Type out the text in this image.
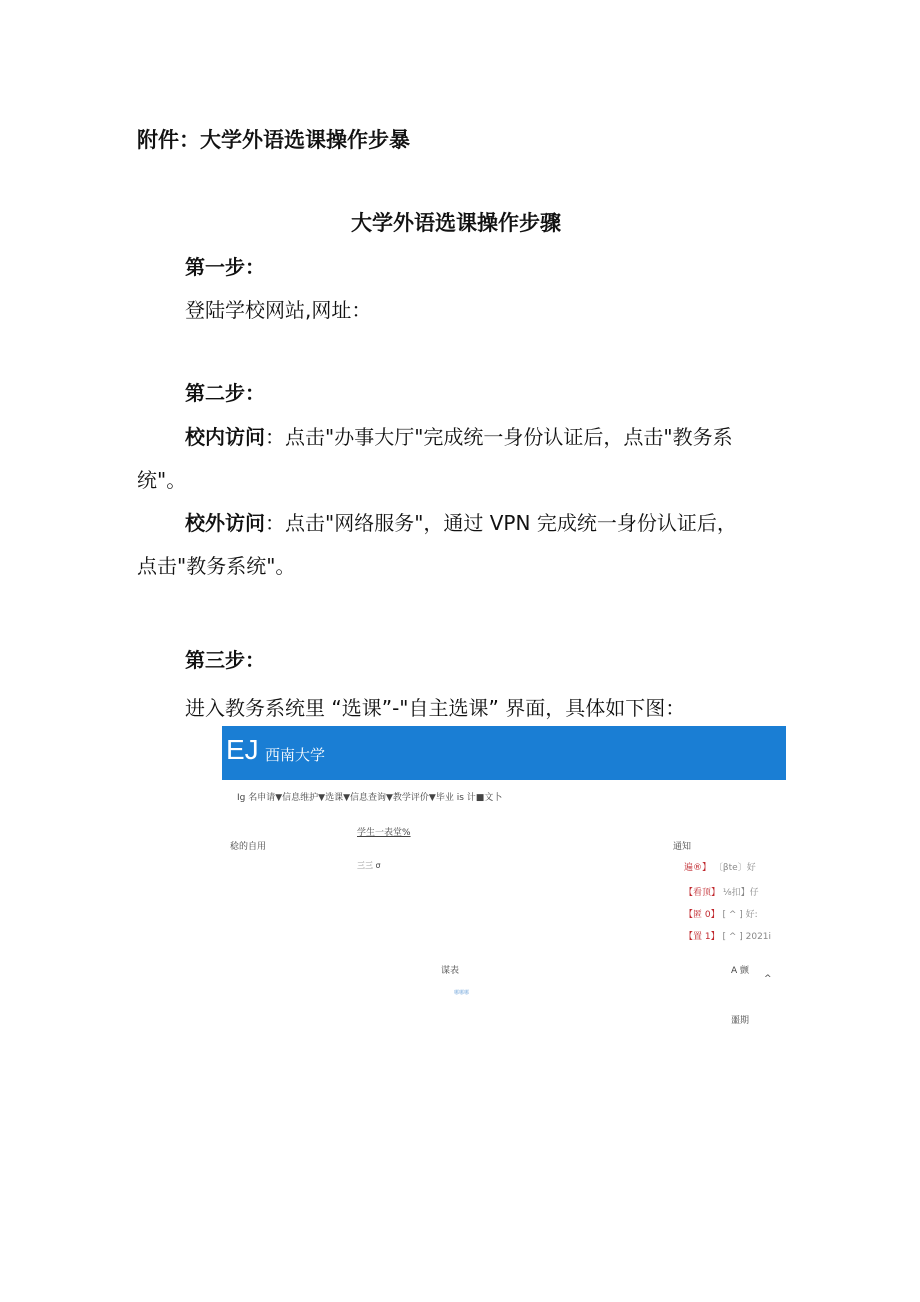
附件：大学外语选课操作步暴
大学外语选课操作步骤
第一步：
登陆学校网站,网址：
第二步：
校内访问：点击"办事大厅"完成统一身份认证后，点击"教务系
统"。
校外访问：点击"网络服务"，通过 VPN 完成统一身份认证后，
点击"教务系统"。
第三步：
进入教务系统里 “选课”-"自主选课” 界面，具体如下图：
EJ 西南大学
Ig 名申请▼信息维护▼选课▼信息查询▼教学评价▼毕业 is 计■文卜
稔的自用
学生一表堂%
三三 σ
通知
遍®】 〔βte〕好
【看顶】 ⅛扣】仔
【匿 0】 [ ^ ] 好:
【置 1】 [ ^ ] 2021i
谋表
哪哪哪
A 颤
^
噩期
